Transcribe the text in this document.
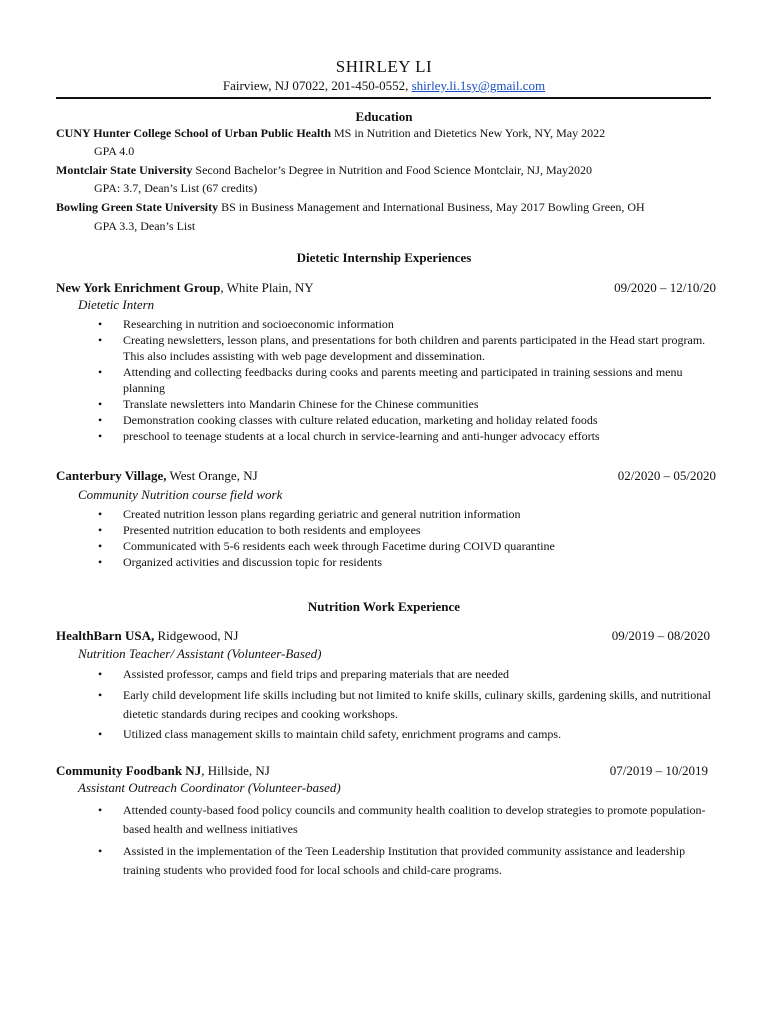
SHIRLEY LI
Fairview, NJ 07022, 201-450-0552, shirley.li.1sy@gmail.com
Education
CUNY Hunter College School of Urban Public Health MS in Nutrition and Dietetics New York, NY, May 2022
GPA 4.0
Montclair State University Second Bachelor’s Degree in Nutrition and Food Science Montclair, NJ, May2020
GPA: 3.7, Dean’s List (67 credits)
Bowling Green State University BS in Business Management and International Business, May 2017 Bowling Green, OH
GPA 3.3, Dean’s List
Dietetic Internship Experiences
New York Enrichment Group, White Plain, NY	09/2020 – 12/10/20
Dietetic Intern
• Researching in nutrition and socioeconomic information
• Creating newsletters, lesson plans, and presentations for both children and parents participated in the Head start program. This also includes assisting with web page development and dissemination.
• Attending and collecting feedbacks during cooks and parents meeting and participated in training sessions and menu planning
• Translate newsletters into Mandarin Chinese for the Chinese communities
• Demonstration cooking classes with culture related education, marketing and holiday related foods
• preschool to teenage students at a local church in service-learning and anti-hunger advocacy efforts
Canterbury Village, West Orange, NJ	02/2020 – 05/2020
Community Nutrition course field work
• Created nutrition lesson plans regarding geriatric and general nutrition information
• Presented nutrition education to both residents and employees
• Communicated with 5-6 residents each week through Facetime during COIVD quarantine
• Organized activities and discussion topic for residents
Nutrition Work Experience
HealthBarn USA, Ridgewood, NJ	09/2019 – 08/2020
Nutrition Teacher/ Assistant (Volunteer-Based)
• Assisted professor, camps and field trips and preparing materials that are needed
• Early child development life skills including but not limited to knife skills, culinary skills, gardening skills, and nutritional dietetic standards during recipes and cooking workshops.
• Utilized class management skills to maintain child safety, enrichment programs and camps.
Community Foodbank NJ, Hillside, NJ	07/2019 – 10/2019
Assistant Outreach Coordinator (Volunteer-based)
• Attended county-based food policy councils and community health coalition to develop strategies to promote population-based health and wellness initiatives
• Assisted in the implementation of the Teen Leadership Institution that provided community assistance and leadership training students who provided food for local schools and child-care programs.
